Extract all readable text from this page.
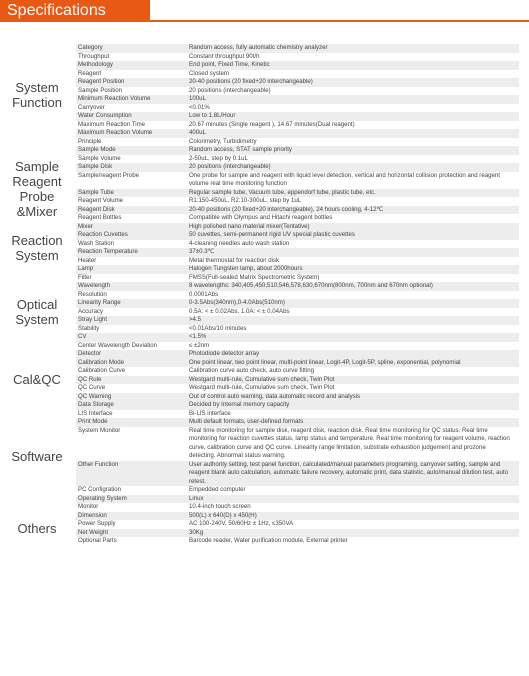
Specifications
System
Function
Category	Random access, fully automatic chemistry analyzer
Throughput	Constant throughput 90t/h
Methodology	End point, Fixed Time, Kinetic
Reagent	Closed system
Reagent Position	20-40 positions (20 fixed+20 interchangeable)
Sample Position	20 positions (interchangeable)
Minimum Reaction Volume	100uL
Carryover	<0.01%
Water Consumption	Low to 1.8L/Hour
Maximum Reaction Time	20.67 minutes (Single reagent ), 14.67 minutes(Dual reagent)
Maximum Reaction Volume	400uL
Principle	Colorimetry, Turbidimetry
Sample
Reagent
Probe
&Mixer
Sample Mode	Random access, STAT sample priority
Sample Volume	2-50uL, step by 0.1uL
Sample Disk	20 positions (interchangeable)
Sample/reagent Probe	One probe for sample and reagent with liquid level detection, vertical and horizontal collision protection and reagent volume real time monitoring function
Sample Tube	Regular sample tube, Vacuum tube, eppendorf tube, plastic tube, etc.
Reagent Volume	R1:150-450uL, R2:10-300uL, step by 1uL
Reagent Disk	20-40 positions (20 fixed+20 interchangeable), 24 hours cooling, 4-12℃
Reagent Bottles	Compatible with Olympus and Hitachi reagent bottles
Mixer	High polished nano material mixer(Tentative)
Reaction
System
Reaction Cuvettes	50 cuvettes, semi-permanent rigid UV special plastic cuvettes
Wash Station	4-cleaning needles auto wash station
Reaction Temperature	37±0.3℃
Heater	Metal thermostat for reaction disk
Optical
System
Lamp	Halogen Tungsten lamp, about 2000hours
Filter	FMSS(Full-sealed Matrix Spectrometric System)
Wavelength	8 wavelengths: 340,405,450,510,546,578,630,670nm(800nm, 700nm and 670nm optional)
Resolution	0.0001Abs
Linearity Range	0-3.5Abs(340nm),0-4.0Abs(510nm)
Accuracy	0.5A: < ± 0.02Abs, 1.0A: < ± 0.04Abs
Stray Light	>4.5
Stability	<0.01Abs/10 minutes
CV	<1.5%
Center Wavelength Deviation	≤ ±2nm
Detector	Photodiode detector array
Cal&QC
Calibration Mode	One point linear, two point linear, multi-point linear, Logit-4P, Logit-5P, spline, exponential, polynomial
Calibration Curve	Calibration curve auto check, auto curve fitting
QC Rule	Westgard multi-rule, Cumulative sum check, Twin Plot
QC Curve	Westgard multi-rule, Cumulative sum check, Twin Plot
QC Warning	Out of control auto warning, data automatic record and analysis
Software
Data Storage	Decided by Internal memory capacity
LIS Interface	Bi-LIS interface
Print Mode	Multi default formats, user-defined formats
System Monitor	Real time monitoring for sample disk, reagent disk, reaction disk. Real time monitoring for QC status. Real time monitoring for reaction cuvettes status, lamp status and temperature. Real time monitoring for reagent volume, reaction curve, calibration curve and QC curve. Linearity range limitation, substrate exhaustion judgement and prozone detecting. Abnormal status warning.
Other Function	User authority setting, test panel function, calculated/manual parameters programing, carryover setting, sample and reagent blank auto calculation, automatic failure recovery, automatic print, data statistic, auto/manual dilution test, auto retest.
PC Configration	Empedded computer
Operating System	Linux
Monitor	10.4-inch touch screen
Others
Dimension	500(L) x 640(D) x 450(H)
Power Supply	AC 100-240V, 50/60Hz ± 1Hz, ≤350VA
Net Weight	30Kg
Optional Parts	Barcode reader, Water purification module, External printer
